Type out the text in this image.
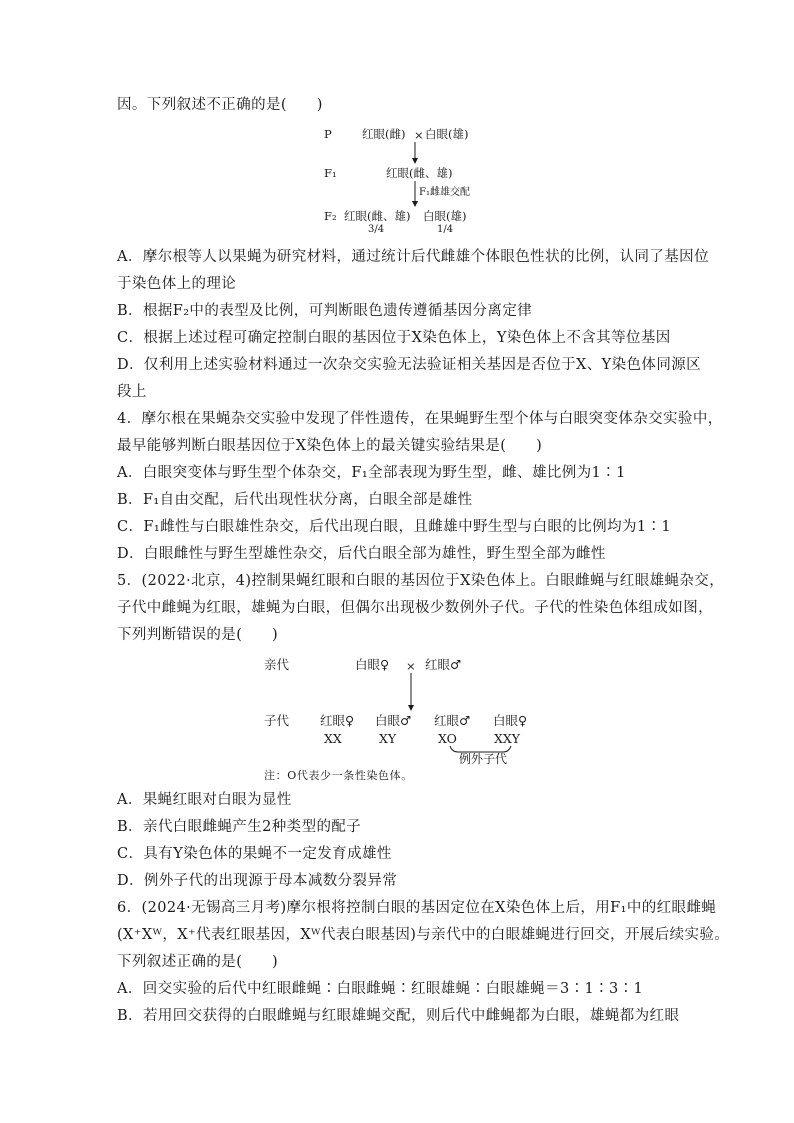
因。下列叙述不正确的是(　　)
P	红眼(雌) × 白眼(雄)
F₁	红眼(雌、雄)
F₁雌雄交配
F₂ 红眼(雌、雄) 白眼(雄)
3/4	1/4
A．摩尔根等人以果蝇为研究材料，通过统计后代雌雄个体眼色性状的比例，认同了基因位
于染色体上的理论
B．根据F₂中的表型及比例，可判断眼色遗传遵循基因分离定律
C．根据上述过程可确定控制白眼的基因位于X染色体上，Y染色体上不含其等位基因
D．仅利用上述实验材料通过一次杂交实验无法验证相关基因是否位于X、Y染色体同源区
段上
4．摩尔根在果蝇杂交实验中发现了伴性遗传，在果蝇野生型个体与白眼突变体杂交实验中，
最早能够判断白眼基因位于X染色体上的最关键实验结果是(　　)
A．白眼突变体与野生型个体杂交，F₁全部表现为野生型，雌、雄比例为1∶1
B．F₁自由交配，后代出现性状分离，白眼全部是雄性
C．F₁雌性与白眼雄性杂交，后代出现白眼，且雌雄中野生型与白眼的比例均为1∶1
D．白眼雌性与野生型雄性杂交，后代白眼全部为雄性，野生型全部为雌性
5．(2022·北京，4)控制果蝇红眼和白眼的基因位于X染色体上。白眼雌蝇与红眼雄蝇杂交，
子代中雌蝇为红眼，雄蝇为白眼，但偶尔出现极少数例外子代。子代的性染色体组成如图，
下列判断错误的是(　　)
亲代	白眼♀ × 红眼♂
子代 红眼♀ 白眼♂ 红眼♂ 白眼♀
XX	XY	XO	XXY
例外子代
注：O代表少一条性染色体。
A．果蝇红眼对白眼为显性
B．亲代白眼雌蝇产生2种类型的配子
C．具有Y染色体的果蝇不一定发育成雄性
D．例外子代的出现源于母本减数分裂异常
6．(2024·无锡高三月考)摩尔根将控制白眼的基因定位在X染色体上后，用F₁中的红眼雌蝇
(X⁺Xᵂ，X⁺代表红眼基因，Xᵂ代表白眼基因)与亲代中的白眼雄蝇进行回交，开展后续实验。
下列叙述正确的是(　　)
A．回交实验的后代中红眼雌蝇∶白眼雌蝇∶红眼雄蝇∶白眼雄蝇＝3∶1∶3∶1
B．若用回交获得的白眼雌蝇与红眼雄蝇交配，则后代中雌蝇都为白眼，雄蝇都为红眼
